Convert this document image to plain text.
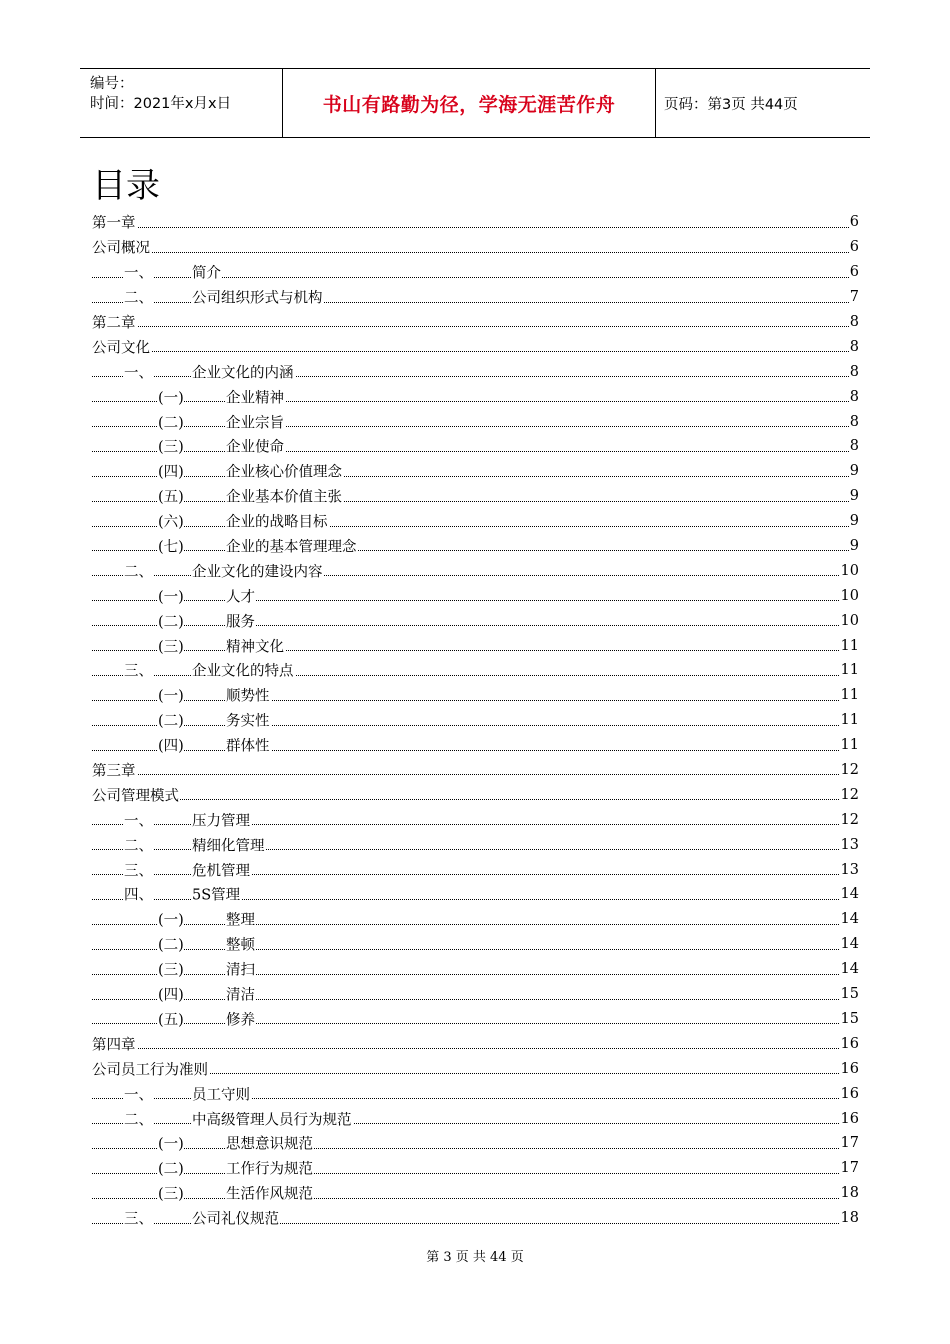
编号：
时间：2021年x月x日	书山有路勤为径，学海无涯苦作舟	页码：第3页 共44页
目录
第一章	6
公司概况	6
一、	简介	6
二、	公司组织形式与机构	7
第二章	8
公司文化	8
一、	企业文化的内涵	8
(一)	企业精神	8
(二)	企业宗旨	8
(三)	企业使命	8
(四)	企业核心价值理念	9
(五)	企业基本价值主张	9
(六)	企业的战略目标	9
(七)	企业的基本管理理念	9
二、	企业文化的建设内容	10
(一)	人才	10
(二)	服务	10
(三)	精神文化	11
三、	企业文化的特点	11
(一)	顺势性	11
(二)	务实性	11
(四)	群体性	11
第三章	12
公司管理模式	12
一、	压力管理	12
二、	精细化管理	13
三、	危机管理	13
四、	5S管理	14
(一)	整理	14
(二)	整顿	14
(三)	清扫	14
(四)	清洁	15
(五)	修养	15
第四章	16
公司员工行为准则	16
一、	员工守则	16
二、	中高级管理人员行为规范	16
(一)	思想意识规范	17
(二)	工作行为规范	17
(三)	生活作风规范	18
三、	公司礼仪规范	18
第 3 页 共 44 页
